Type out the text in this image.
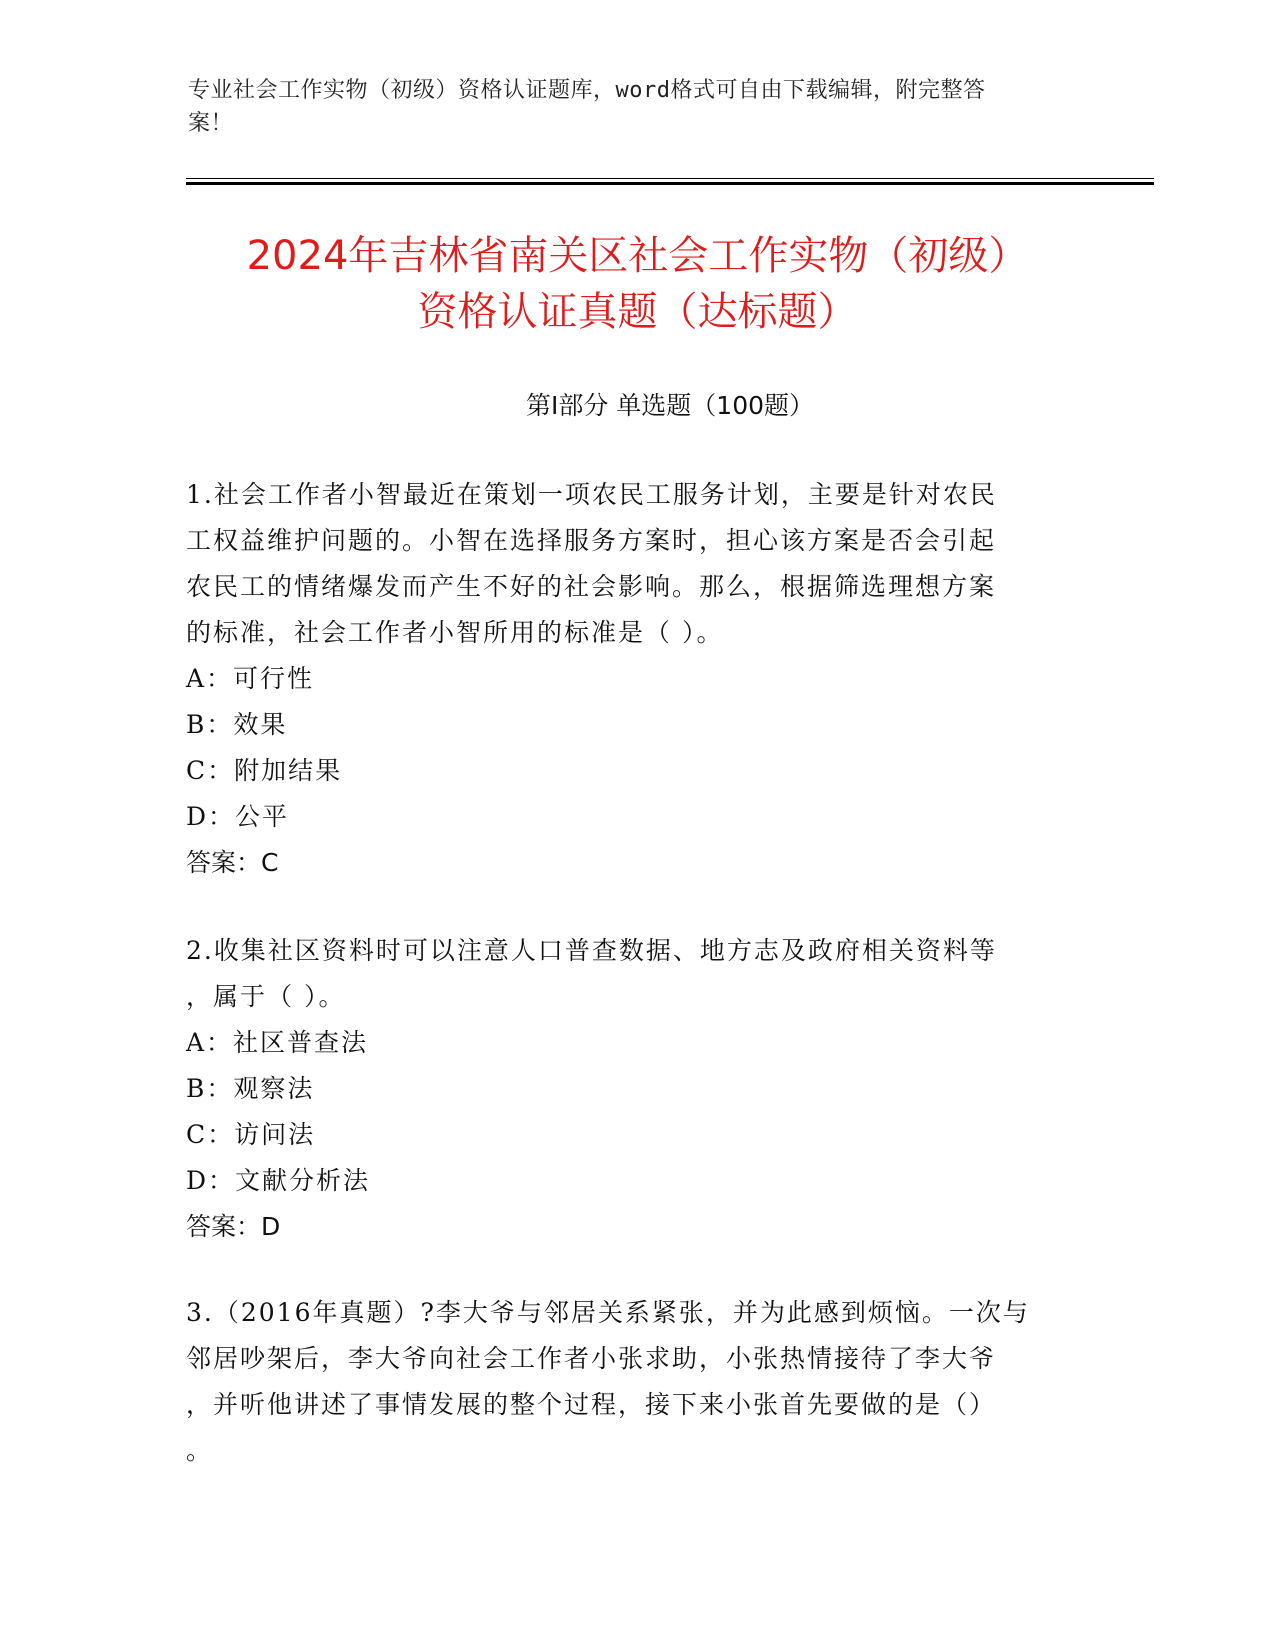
专业社会工作实物（初级）资格认证题库，word格式可自由下载编辑，附完整答
案！
2024年吉林省南关区社会工作实物（初级）
资格认证真题（达标题）
第I部分 单选题（100题）
1.社会工作者小智最近在策划一项农民工服务计划，主要是针对农民
工权益维护问题的。小智在选择服务方案时，担心该方案是否会引起
农民工的情绪爆发而产生不好的社会影响。那么，根据筛选理想方案
的标准，社会工作者小智所用的标准是（ ）。
A：可行性
B：效果
C：附加结果
D：公平
答案：C
2.收集社区资料时可以注意人口普查数据、地方志及政府相关资料等
，属于（ ）。
A：社区普查法
B：观察法
C：访问法
D：文献分析法
答案：D
3.（2016年真题）?李大爷与邻居关系紧张，并为此感到烦恼。一次与
邻居吵架后，李大爷向社会工作者小张求助，小张热情接待了李大爷
，并听他讲述了事情发展的整个过程，接下来小张首先要做的是（）
。
